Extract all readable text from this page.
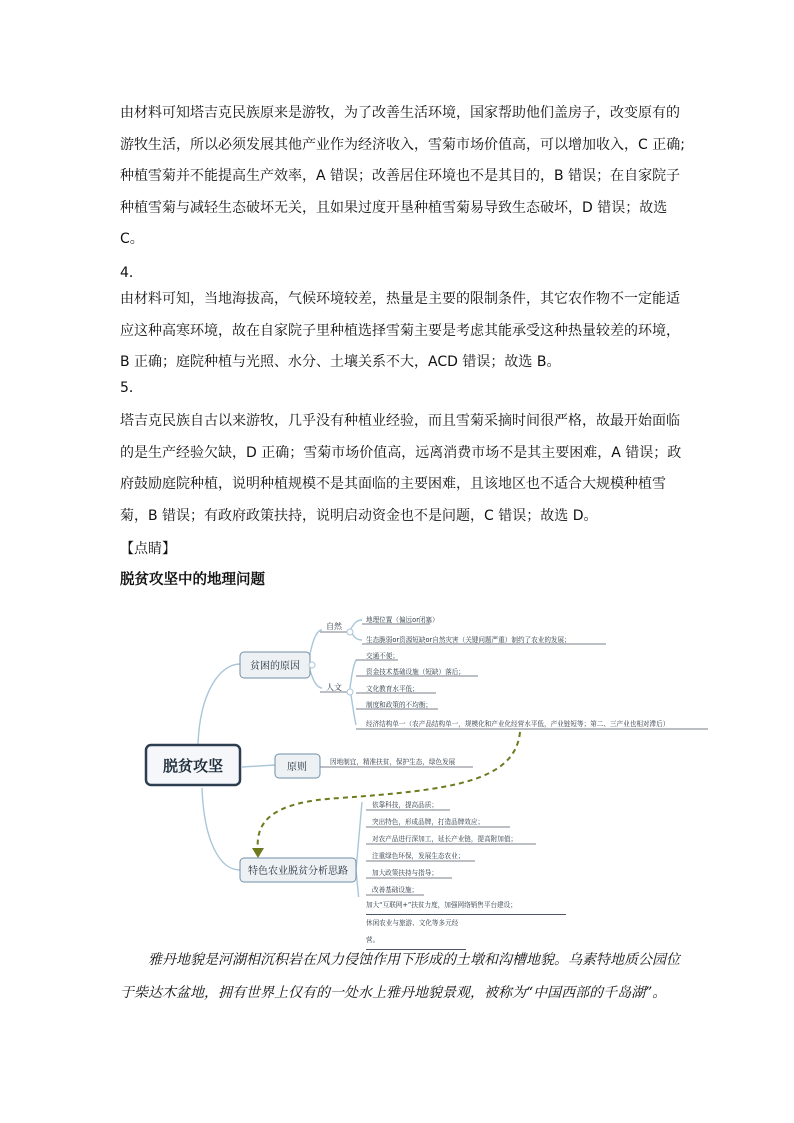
由材料可知塔吉克民族原来是游牧，为了改善生活环境，国家帮助他们盖房子，改变原有的游牧生活，所以必须发展其他产业作为经济收入，雪菊市场价值高，可以增加收入，C 正确;种植雪菊并不能提高生产效率，A 错误；改善居住环境也不是其目的，B 错误；在自家院子种植雪菊与减轻生态破坏无关，且如果过度开垦种植雪菊易导致生态破坏，D 错误；故选 C。
4．
由材料可知，当地海拔高，气候环境较差，热量是主要的限制条件，其它农作物不一定能适应这种高寒环境，故在自家院子里种植选择雪菊主要是考虑其能承受这种热量较差的环境，B 正确；庭院种植与光照、水分、土壤关系不大，ACD 错误；故选 B。
5．
塔吉克民族自古以来游牧，几乎没有种植业经验，而且雪菊采摘时间很严格，故最开始面临的是生产经验欠缺，D 正确；雪菊市场价值高，远离消费市场不是其主要困难，A 错误；政府鼓励庭院种植，说明种植规模不是其面临的主要困难，且该地区也不适合大规模种植雪菊，B 错误；有政府政策扶持，说明启动资金也不是问题，C 错误；故选 D。
【点睛】
脱贫攻坚中的地理问题
脱贫攻坚
贫困的原因
原则
特色农业脱贫分析思路
自然
人文
地理位置（偏远or闭塞）
生态脆弱or资源短缺or自然灾害（关键问题严重）制约了农业的发展；
交通不便；
资金技术基础设施（短缺）落后；
文化教育水平低；
制度和政策的不均衡；
经济结构单一（农产品结构单一，规模化和产业化经营水平低，产业链短等；第二、三产业也相对滞后）
因地制宜，精准扶贫，保护生态，绿色发展
依靠科技，提高品质；
突出特色，形成品牌，打造品牌效应；
对农产品进行深加工，延长产业链，提高附加值；
注重绿色环保，发展生态农业；
加大政策扶持与指导；
改善基础设施；
加大“互联网+”扶贫力度，加强网络销售平台建设；
休闲农业与旅游、文化等多元经营。
雅丹地貌是河湖相沉积岩在风力侵蚀作用下形成的土墩和沟槽地貌。乌素特地质公园位于柴达木盆地，拥有世界上仅有的一处水上雅丹地貌景观，被称为“中国西部的千岛湖”。
